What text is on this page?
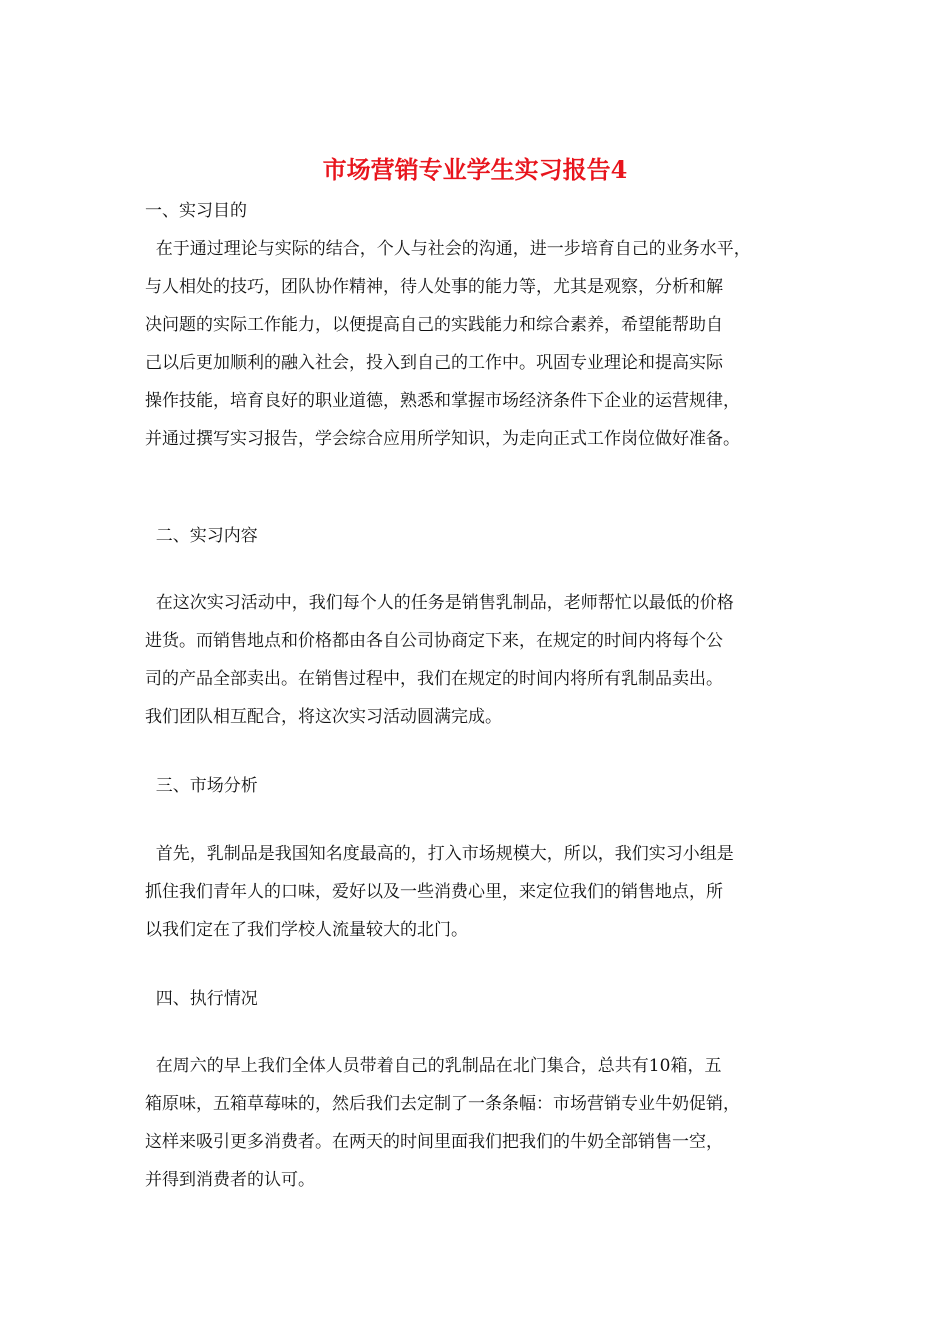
市场营销专业学生实习报告4
一、实习目的
在于通过理论与实际的结合，个人与社会的沟通，进一步培育自己的业务水平，
与人相处的技巧，团队协作精神，待人处事的能力等，尤其是观察，分析和解
决问题的实际工作能力，以便提高自己的实践能力和综合素养，希望能帮助自
己以后更加顺利的融入社会，投入到自己的工作中。巩固专业理论和提高实际
操作技能，培育良好的职业道德，熟悉和掌握市场经济条件下企业的运营规律，
并通过撰写实习报告，学会综合应用所学知识，为走向正式工作岗位做好准备。
二、实习内容
在这次实习活动中，我们每个人的任务是销售乳制品，老师帮忙以最低的价格
进货。而销售地点和价格都由各自公司协商定下来，在规定的时间内将每个公
司的产品全部卖出。在销售过程中，我们在规定的时间内将所有乳制品卖出。
我们团队相互配合，将这次实习活动圆满完成。
三、市场分析
首先，乳制品是我国知名度最高的，打入市场规模大，所以，我们实习小组是
抓住我们青年人的口味，爱好以及一些消费心里，来定位我们的销售地点，所
以我们定在了我们学校人流量较大的北门。
四、执行情况
在周六的早上我们全体人员带着自己的乳制品在北门集合，总共有10箱，五
箱原味，五箱草莓味的，然后我们去定制了一条条幅：市场营销专业牛奶促销，
这样来吸引更多消费者。在两天的时间里面我们把我们的牛奶全部销售一空，
并得到消费者的认可。
